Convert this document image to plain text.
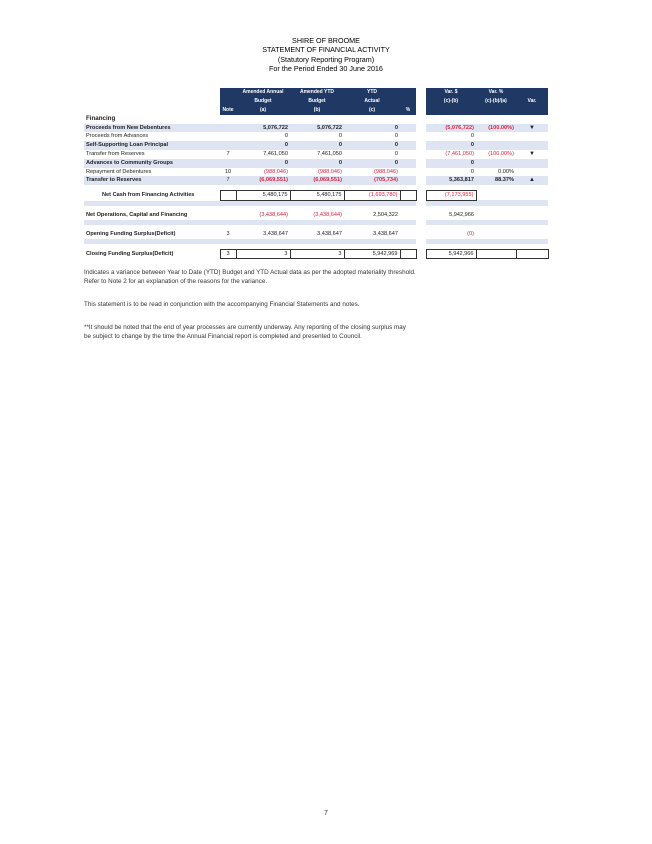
SHIRE OF BROOME
STATEMENT OF FINANCIAL ACTIVITY
(Statutory Reporting Program)
For the Period Ended 30 June 2016
		Amended Annual	Amended YTD	YTD			Var. $	Var. %	
		Budget	Budget	Actual			(c)-(b)	(c)-(b)/(a)	Var.
	Note	(a)	(b)	(c)	%				
Financing									
Proceeds from New Debentures		5,076,722	5,076,722	0			(5,076,722)	(100.00%)	▼
Proceeds from Advances		0	0	0			0		
Self-Supporting Loan Principal		0	0	0			0		
Transfer from Reserves	7	7,461,050	7,461,050	0			(7,461,050)	(100.00%)	▼
Advances to Community Groups		0	0	0			0		
Repayment of Debentures	10	(988,046)	(988,046)	(988,046)			0	0.00%	
Transfer to Reserves	7	(6,069,551)	(6,069,551)	(705,734)			5,363,817	88.37%	▲

Net Cash from Financing Activities		5,480,175	5,480,175	(1,693,780)			(7,173,955)		

Net Operations, Capital and Financing		(3,438,644)	(3,438,644)	2,504,322			5,942,966		

Opening Funding Surplus(Deficit)	3	3,438,647	3,438,647	3,438,647			(0)		

Closing Funding Surplus(Deficit)	3	3	3	5,942,969			5,942,966		
Indicates a variance between Year to Date (YTD) Budget and YTD Actual data as per the adopted materiality threshold.
Refer to Note 2 for an explanation of the reasons for the variance.
This statement is to be read in conjunction with the accompanying Financial Statements and notes.
**It should be noted that the end of year processes are currently underway. Any reporting of the closing surplus may
be subject to change by the time the Annual Financial report is completed and presented to Council.
7
